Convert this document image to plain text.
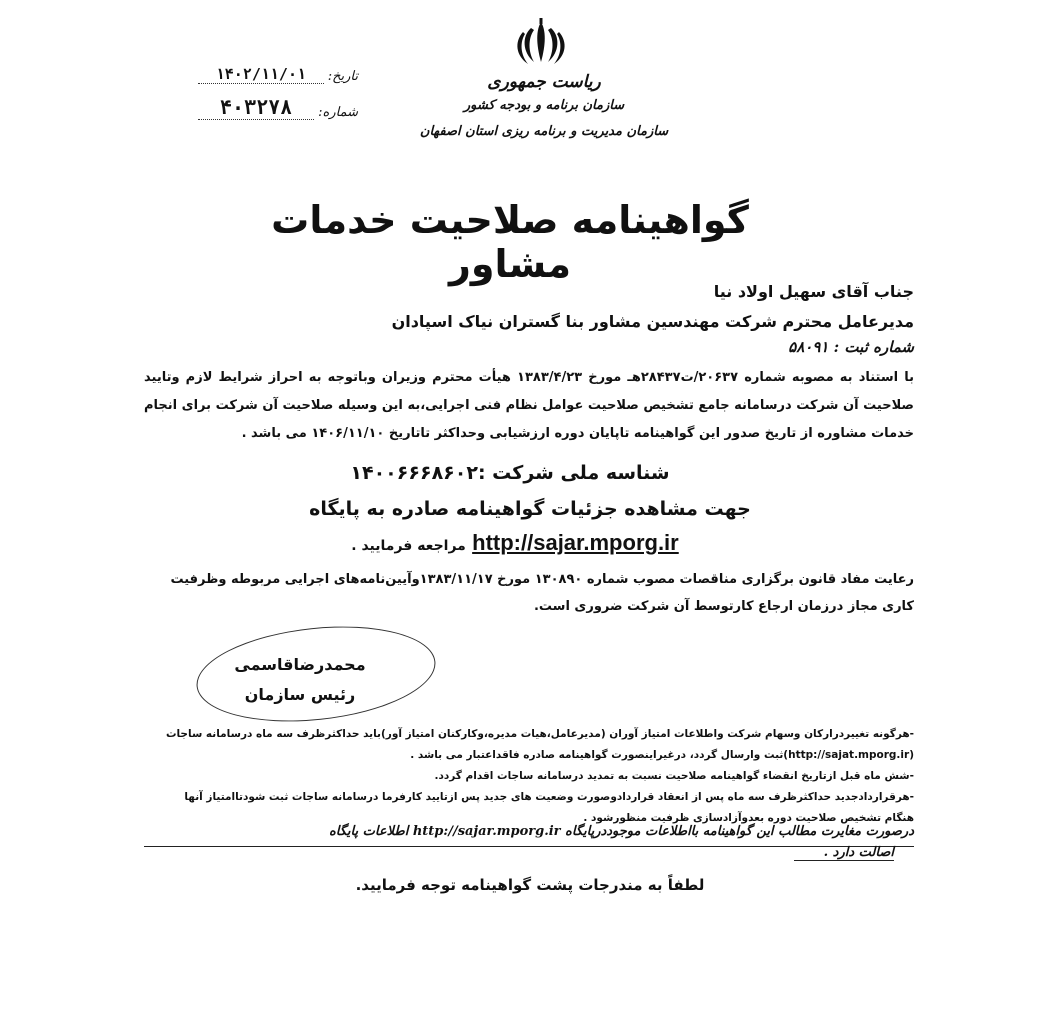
ریاست جمهوری
سازمان برنامه و بودجه کشور
سازمان مدیریت و برنامه ریزی استان اصفهان
تاریخ:
۱۴۰۲/۱۱/۰۱
شماره:
۴۰۳۲۷۸
گواهینامه صلاحیت خدمات مشاور
جناب آقای سهیل اولاد نیا
مدیرعامل محترم شرکت مهندسین مشاور بنا گستران نیاک اسپادان
شماره ثبت : ۵۸۰۹۱
با استناد به مصوبه شماره ۲۰۶۳۷/ت۲۸۴۳۷هـ مورخ ۱۳۸۳/۴/۲۳ هیأت محترم وزیران وباتوجه به احراز شرایط لازم وتایید صلاحیت آن شرکت درسامانه جامع تشخیص صلاحیت عوامل نظام فنی اجرایی،به این وسیله صلاحیت آن شرکت برای انجام خدمات مشاوره از تاریخ صدور این گواهینامه تاپایان دوره ارزشیابی وحداکثر تاتاریخ ۱۴۰۶/۱۱/۱۰ می باشد .
شناسه ملی شرکت :۱۴۰۰۶۶۶۸۶۰۲
جهت مشاهده جزئیات گواهینامه صادره به پایگاه
http://sajar.mporg.ir مراجعه فرمایید .
رعایت مفاد قانون برگزاری مناقصات مصوب شماره ۱۳۰۸۹۰ مورخ ۱۳۸۳/۱۱/۱۷وآیین‌نامه‌های اجرایی مربوطه وظرفیت کاری مجاز درزمان ارجاع کارتوسط آن شرکت ضروری است.
محمدرضاقاسمی
رئیس سازمان
-هرگونه تغییردرارکان وسهام شرکت واطلاعات امتیاز آوران (مدیرعامل،هیات مدیره،وکارکنان امتیاز آور)باید حداکثرظرف سه ماه درسامانه ساجات (http://sajat.mporg.ir)ثبت وارسال گردد، درغیراینصورت گواهینامه صادره فاقداعتبار می باشد .
-شش ماه قبل ازتاریخ انقضاء گواهینامه صلاحیت نسبت به تمدید درسامانه ساجات اقدام گردد.
-هرقراردادجدید حداکثرظرف سه ماه پس از انعقاد قراردادوصورت وضعیت های جدید پس ازتایید کارفرما درسامانه ساجات ثبت شودتاامتیاز آنها هنگام تشخیص صلاحیت دوره بعدوآزادسازی ظرفیت منظورشود .
درصورت مغایرت مطالب این گواهینامه بااطلاعات موجوددرپایگاه http://sajar.mporg.ir اطلاعات پایگاه
اصالت دارد .
لطفاً به مندرجات پشت گواهینامه توجه فرمایید.
